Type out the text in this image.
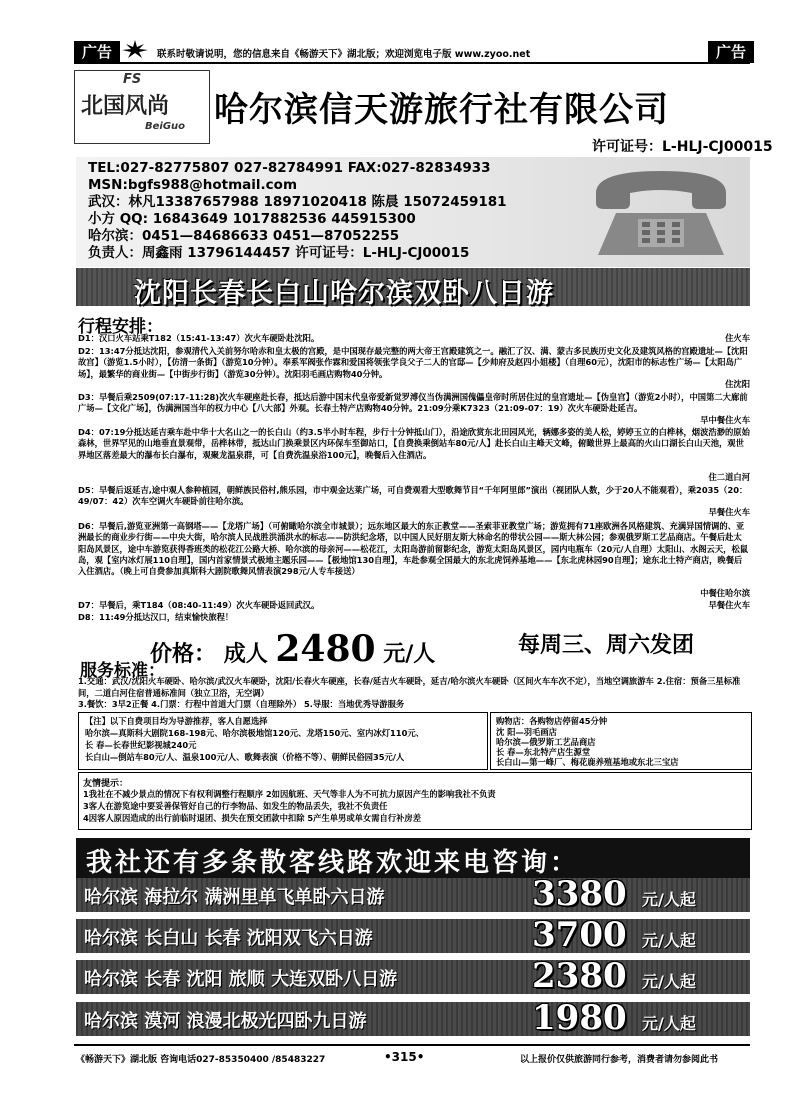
广告	联系时敬请说明，您的信息来自《畅游天下》湖北版；欢迎浏览电子版 www.zyoo.net	广告
FS
北国风尚
BeiGuo 哈尔滨信天游旅行社有限公司
许可证号：L-HLJ-CJ00015
TEL:027-82775807 027-82784991 FAX:027-82834933
MSN:bgfs988@hotmail.com
武汉：林凡13387657988 18971020418 陈晨 15072459181
小方 QQ: 16843649 1017882536 445915300
哈尔滨：0451—84686633 0451—87052255
负责人：周鑫雨 13796144457 许可证号：L-HLJ-CJ00015
沈阳长春长白山哈尔滨双卧八日游
行程安排：
D1：汉口火车站乘T182（15:41-13:47）次火车硬卧赴沈阳。	住火车
D2：13:47分抵达沈阳，参观清代入关前努尔哈赤和皇太极的宫殿，是中国现存最完整的两大帝王宫殿建筑之一。融汇了汉、满、蒙古多民族历史文化及建筑风格的宫殿遗址—【沈阳故宫】（游览1.5小时），【仿清一条街】（游览10分钟）。奉系军阀张作霖和爱国将领张学良父子二人的官邸—【少帅府及赵四小姐楼】（自理60元），沈阳市的标志性广场—【太阳岛广场】，最繁华的商业街—【中街步行街】（游览30分钟）。沈阳羽毛画店购物40分钟。
住沈阳
D3：早餐后乘2509(07:17-11:28)次火车硬座赴长春，抵达后游中国末代皇帝爱新觉罗溥仪当伪满洲国傀儡皇帝时所居住过的皇宫遗址—【伪皇宫】（游览2小时），中国第二大廊前广场—【文化广场】，伪满洲国当年的权力中心【八大部】外观。长春土特产店购物40分钟。21:09分乘K7323（21:09-07：19）次火车硬卧赴延吉。
早中餐住火车
D4：07:19分抵达延吉乘车赴中华十大名山之一的长白山（约3.5半小时车程，步行十分钟抵山门），沿途欣赏东北田园风光，辆娜多姿的美人松，婷婷玉立的白桦林，烟波浩渺的原始森林，世界罕见的山地垂直景观带，岳桦林带，抵达山门换乘景区内环保车至御站口，【自费换乘倒站车80元/人】赴长白山主峰天文峰，俯瞰世界上最高的火山口湖长白山天池，观世界地区落差最大的瀑布长白瀑布，观聚龙温泉群，可【自费洗温泉浴100元】，晚餐后入住酒店。
住二道白河
D5：早餐后返延吉,途中观人参种植园，朝鲜族民俗村,熊乐园，市中观金达莱广场，可自费观看大型歌舞节目“千年阿里郎”演出（视团队人数，少于20人不能观看），乘2035（20：49/07：42）次车空调火车硬卧前往哈尔滨。
早餐住火车
D6：早餐后,游览亚洲第一高钢塔——【龙塔广场】（可俯瞰哈尔滨全市城景）；远东地区最大的东正教堂——圣索菲亚教堂广场；游览拥有71座欧洲各风格建筑、充满异国情调的、亚洲最长的商业步行街——中央大街，哈尔滨人民战胜洪涌洪水的标志——防洪纪念塔，以中国人民好朋友斯大林命名的带状公园——斯大林公园；参观俄罗斯工艺品商店。午餐后赴太阳岛风景区，途中车游览获得香班类的松花江公路大桥、哈尔滨的母亲河——松花江，太阳岛游前留影纪念，游览太阳岛风景区，园内电瓶车（20元/人自理）太阳山、水阁云天，松鼠岛，观【室内冰灯展110自理】，国内首家情景式极地主题乐园——【极地馆130自理】，车赴参观全国最大的东北虎饲养基地——【东北虎林园90自理】；途东北土特产商店，晚餐后入住酒店。（晚上可自费参加真斯科大剧院歌舞风情表演298元/人专车接送）
中餐住哈尔滨
D7：早餐后，乘T184（08:40-11:49）次火车硬卧返回武汉。	早餐住火车
D8：11:49分抵达汉口，结束愉快旅程！
价格： 成人 2480 元/人	每周三、周六发团
服务标准：
1.交通：武汉/沈阳火车硬卧、哈尔滨/武汉火车硬卧，沈阳/长春火车硬座，长春/延吉火车硬卧，延吉/哈尔滨火车硬卧（区间火车车次不定），当地空调旅游车 2.住宿：预备三星标准间，二道白河住宿普通标准间（独立卫浴，无空调）
3.餐饮：3早2正餐 4.门票：行程中首道大门票（自理除外） 5.导服：当地优秀导游服务
【注】以下自费项目均为导游推荐，客人自愿选择
哈尔滨—真斯科大剧院168-198元、哈尔滨极地馆120元、龙塔150元、室内冰灯110元、
长 春—长春世纪影视城240元
长白山—倒站车80元/人、温泉100元/人、歌舞表演（价格不等）、朝鲜民俗园35元/人
购物店：各购物店停留45分钟
沈 阳—羽毛画店
哈尔滨—俄罗斯工艺品商店
长 春—东北特产店生源堂
长白山—第一峰厂、梅花鹿养殖基地或东北三宝店
友情提示：
1我社在不减少景点的情况下有权利调整行程顺序 2如因航班、天气等非人为不可抗力原因产生的影响我社不负责
3客人在游览途中要妥善保管好自己的行李物品、如发生的物品丢失，我社不负责任
4因客人原因造成的出行前临时退团、损失在预交团款中扣除 5产生单男或单女需自行补房差
我社还有多条散客线路欢迎来电咨询：
哈尔滨 海拉尔 满洲里单飞单卧六日游	3380 元/人起
哈尔滨 长白山 长春 沈阳双飞六日游	3700 元/人起
哈尔滨 长春 沈阳 旅顺 大连双卧八日游	2380 元/人起
哈尔滨 漠河 浪漫北极光四卧九日游	1980 元/人起
《畅游天下》湖北版 咨询电话027-85350400 /85483227	•315•	以上报价仅供旅游同行参考，消费者请勿参阅此书
